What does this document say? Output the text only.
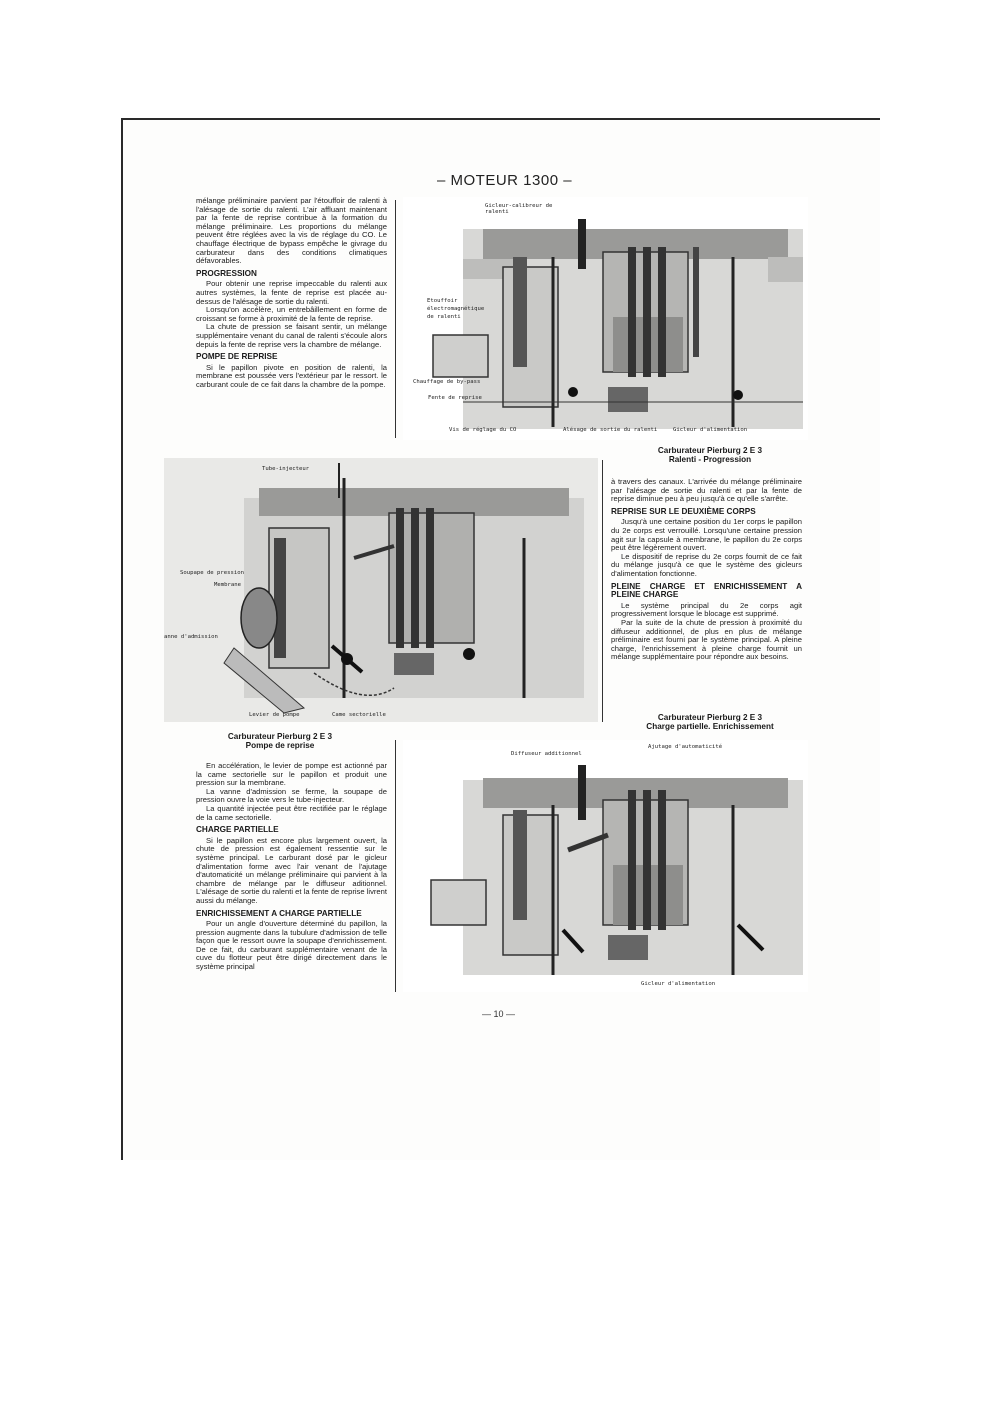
– MOTEUR 1300 –

mélange préliminaire parvient par l'étouffoir de ralenti à l'alésage de sortie du ralenti. L'air affluant maintenant par la fente de reprise contribue à la formation du mélange préliminaire. Les proportions du mélange peuvent être réglées avec la vis de réglage du CO. Le chauffage électrique de bypass empêche le givrage du carburateur dans des conditions climatiques défavorables.

PROGRESSION

Pour obtenir une reprise impeccable du ralenti aux autres systèmes, la fente de reprise est placée au-dessus de l'alésage de sortie du ralenti.

Lorsqu'on accélère, un entrebâillement en forme de croissant se forme à proximité de la fente de reprise.

La chute de pression se faisant sentir, un mélange supplémentaire venant du canal de ralenti s'écoule alors depuis la fente de reprise vers la chambre de mélange.

POMPE DE REPRISE

Si le papillon pivote en position de ralenti, la membrane est poussée vers l'extérieur par le ressort. le carburant coule de ce fait dans la chambre de la pompe.

Gicleur-calibreur de ralenti
Etouffoir électromagnétique de ralenti
Chauffage de by-pass
Fente de reprise
Vis de réglage du CO	Alésage de sortie du ralenti	Gicleur d'alimentation
Carburateur Pierburg 2 E 3
Ralenti - Progression
Tube-injecteur
Soupape de pression
Membrane
anne d'admission
Levier de pompe	Came sectorielle
Carburateur Pierburg 2 E 3
Pompe de reprise

à travers des canaux. L'arrivée du mélange préliminaire par l'alésage de sortie du ralenti et par la fente de reprise diminue peu à peu jusqu'à ce qu'elle s'arrête.

REPRISE SUR LE DEUXIÈME CORPS

Jusqu'à une certaine position du 1er corps le papillon du 2e corps est verrouillé. Lorsqu'une certaine pression agit sur la capsule à membrane, le papillon du 2e corps peut être légèrement ouvert.

Le dispositif de reprise du 2e corps fournit de ce fait du mélange jusqu'à ce que le système des gicleurs d'alimentation fonctionne.

PLEINE CHARGE ET ENRICHISSEMENT A PLEINE CHARGE

Le système principal du 2e corps agit progressivement lorsque le blocage est supprimé.

Par la suite de la chute de pression à proximité du diffuseur additionnel, de plus en plus de mélange préliminaire est fourni par le système principal. A pleine charge, l'enrichissement à pleine charge fournit un mélange supplémentaire pour répondre aux besoins.

Carburateur Pierburg 2 E 3
Charge partielle. Enrichissement

En accélération, le levier de pompe est actionné par la came sectorielle sur le papillon et produit une pression sur la membrane.

La vanne d'admission se ferme, la soupape de pression ouvre la voie vers le tube-injecteur.

La quantité injectée peut être rectifiée par le réglage de la came sectorielle.

CHARGE PARTIELLE

Si le papillon est encore plus largement ouvert, la chute de pression est également ressentie sur le système principal. Le carburant dosé par le gicleur d'alimentation forme avec l'air venant de l'ajutage d'automaticité un mélange préliminaire qui parvient à la chambre de mélange par le diffuseur aditionnel. L'alésage de sortie du ralenti et la fente de reprise livrent aussi du mélange.

ENRICHISSEMENT A CHARGE PARTIELLE

Pour un angle d'ouverture déterminé du papillon, la pression augmente dans la tubulure d'admission de telle façon que le ressort ouvre la soupape d'enrichissement. De ce fait, du carburant supplémentaire venant de la cuve du flotteur peut être dirigé directement dans le système principal

Diffuseur additionnel
Ajutage d'automaticité
Gicleur d'alimentation
— 10 —
